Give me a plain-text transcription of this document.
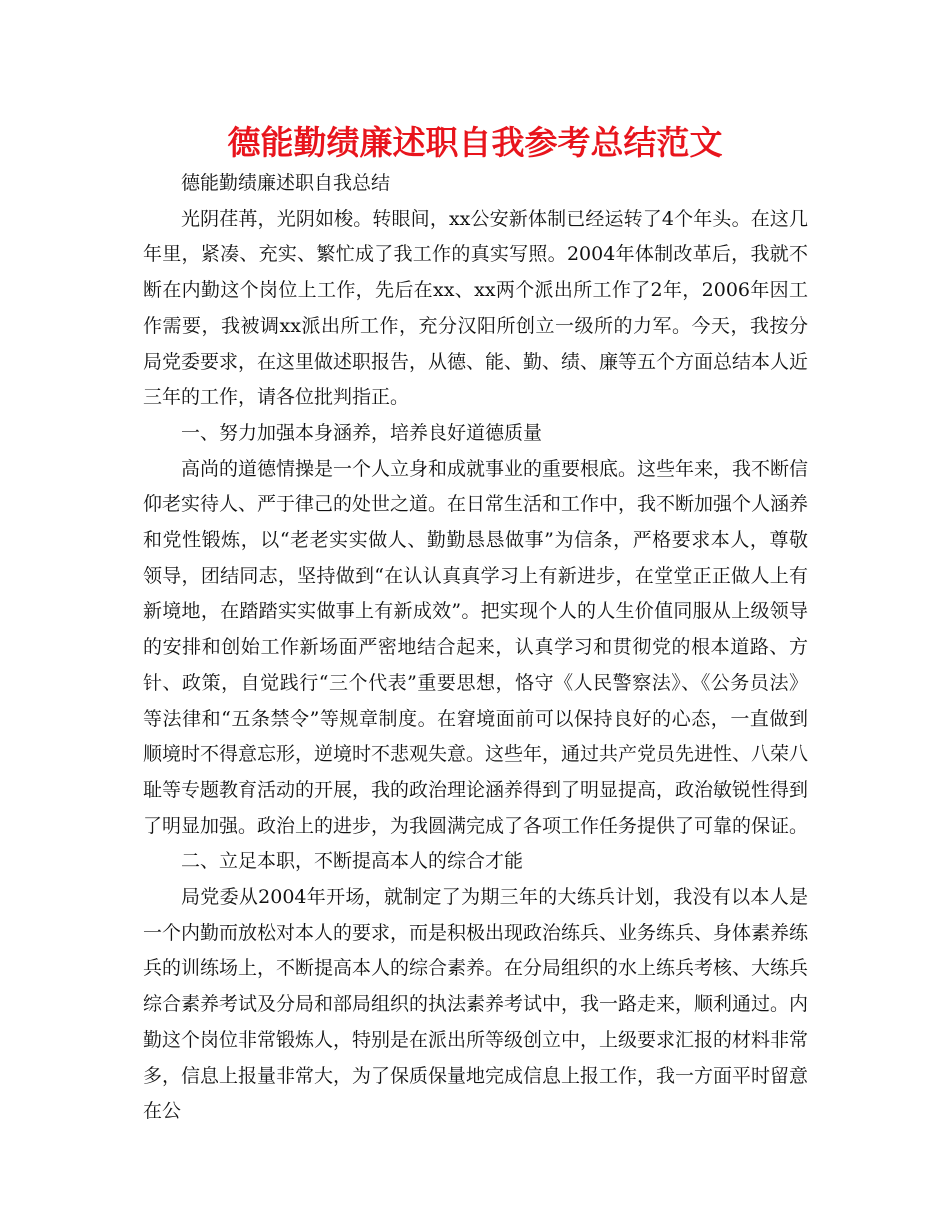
德能勤绩廉述职自我参考总结范文

德能勤绩廉述职自我总结

光阴荏苒，光阴如梭。转眼间，xx公安新体制已经运转了4个年头。在这几年里，紧凑、充实、繁忙成了我工作的真实写照。2004年体制改革后，我就不断在内勤这个岗位上工作，先后在xx、xx两个派出所工作了2年，2006年因工作需要，我被调xx派出所工作，充分汉阳所创立一级所的力军。今天，我按分局党委要求，在这里做述职报告，从德、能、勤、绩、廉等五个方面总结本人近三年的工作，请各位批判指正。

一、努力加强本身涵养，培养良好道德质量

高尚的道德情操是一个人立身和成就事业的重要根底。这些年来，我不断信仰老实待人、严于律己的处世之道。在日常生活和工作中，我不断加强个人涵养和党性锻炼，以“老老实实做人、勤勤恳恳做事”为信条，严格要求本人，尊敬领导，团结同志，坚持做到“在认认真真学习上有新进步，在堂堂正正做人上有新境地，在踏踏实实做事上有新成效”。把实现个人的人生价值同服从上级领导的安排和创始工作新场面严密地结合起来，认真学习和贯彻党的根本道路、方针、政策，自觉践行“三个代表”重要思想，恪守《人民警察法》、《公务员法》等法律和“五条禁令”等规章制度。在窘境面前可以保持良好的心态，一直做到顺境时不得意忘形，逆境时不悲观失意。这些年，通过共产党员先进性、八荣八耻等专题教育活动的开展，我的政治理论涵养得到了明显提高，政治敏锐性得到了明显加强。政治上的进步，为我圆满完成了各项工作任务提供了可靠的保证。

二、立足本职，不断提高本人的综合才能

局党委从2004年开场，就制定了为期三年的大练兵计划，我没有以本人是一个内勤而放松对本人的要求，而是积极出现政治练兵、业务练兵、身体素养练兵的训练场上，不断提高本人的综合素养。在分局组织的水上练兵考核、大练兵综合素养考试及分局和部局组织的执法素养考试中，我一路走来，顺利通过。内勤这个岗位非常锻炼人，特别是在派出所等级创立中，上级要求汇报的材料非常多，信息上报量非常大，为了保质保量地完成信息上报工作，我一方面平时留意在公
